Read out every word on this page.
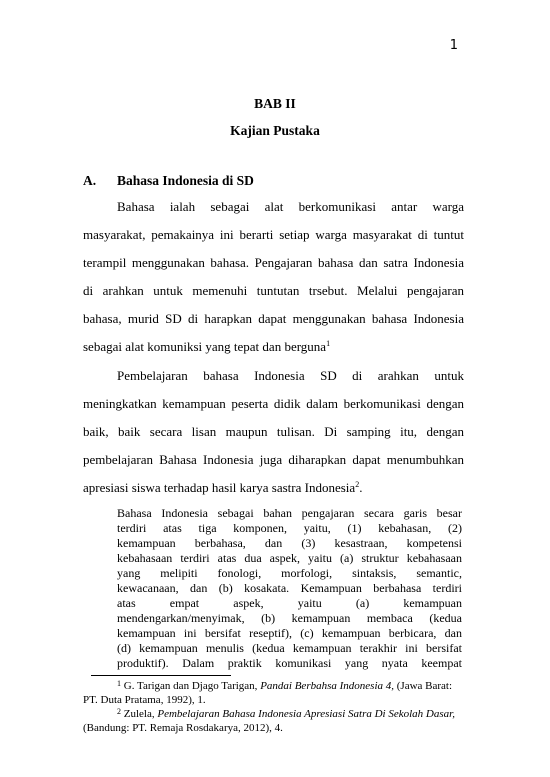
1
BAB II
Kajian Pustaka
A. Bahasa Indonesia di SD
Bahasa ialah sebagai alat berkomunikasi antar warga
masyarakat, pemakainya ini berarti setiap warga masyarakat di tuntut
terampil menggunakan bahasa. Pengajaran bahasa dan satra Indonesia
di arahkan untuk memenuhi tuntutan trsebut. Melalui pengajaran
bahasa, murid SD di harapkan dapat menggunakan bahasa Indonesia
sebagai alat komuniksi yang tepat dan berguna$^1$
Pembelajaran bahasa Indonesia SD di arahkan untuk
meningkatkan kemampuan peserta didik dalam berkomunikasi dengan
baik, baik secara lisan maupun tulisan. Di samping itu, dengan
pembelajaran Bahasa Indonesia juga diharapkan dapat menumbuhkan
apresiasi siswa terhadap hasil karya sastra Indonesia$^2$.
Bahasa Indonesia sebagai bahan pengajaran secara garis besar
terdiri atas tiga komponen, yaitu, (1) kebahasan, (2)
kemampuan berbahasa, dan (3) kesastraan, kompetensi
kebahasaan terdiri atas dua aspek, yaitu (a) struktur kebahasaan
yang melipiti fonologi, morfologi, sintaksis, semantic,
kewacanaan, dan (b) kosakata. Kemampuan berbahasa terdiri
atas empat aspek, yaitu (a) kemampuan
mendengarkan/menyimak, (b) kemampuan membaca (kedua
kemampuan ini bersifat reseptif), (c) kemampuan berbicara, dan
(d) kemampuan menulis (kedua kemampuan terakhir ini bersifat
produktif). Dalam praktik komunikasi yang nyata keempat
$^1$ G. Tarigan dan Djago Tarigan, Pandai Berbahsa Indonesia 4, (Jawa Barat:
PT. Duta Pratama, 1992), 1.
$^2$ Zulela, Pembelajaran Bahasa Indonesia Apresiasi Satra Di Sekolah Dasar,
(Bandung: PT. Remaja Rosdakarya, 2012), 4.
